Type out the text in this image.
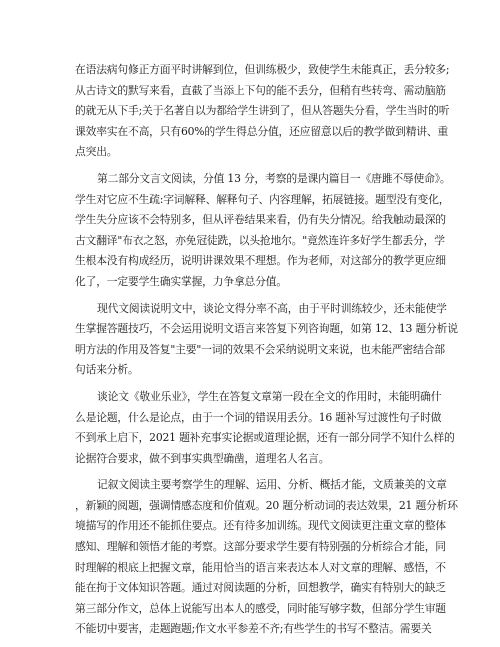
在语法病句修正方面平时讲解到位，但训练极少，致使学生未能真正，丢分较多;
从古诗文的默写来看，直截了当添上下句的能不丢分，但稍有些转弯、需动脑筋
的就无从下手;关于名著自以为都给学生讲到了，但从答题失分看，学生当时的听
课效率实在不高，只有60%的学生得总分值，还应留意以后的教学做到精讲、重
点突出。
第二部分文言文阅读，分值 13 分，考察的是课内篇目一《唐雎不辱使命》。
学生对它应不生疏:字词解释、解释句子、内容理解，拓展链接。题型没有变化，
学生失分应该不会特别多，但从评卷结果来看，仍有失分情况。给我触动最深的
古文翻译"布衣之怒，亦免冠徒跣，以头抢地尔。"竟然连许多好学生都丢分，学
生根本没有构成经历，说明讲课效果不理想。作为老师，对这部分的教学更应细
化了，一定要学生确实掌握，力争拿总分值。
现代文阅读说明文中，谈论文得分率不高，由于平时训练较少，还未能使学
生掌握答题技巧，不会运用说明文语言来答复下列咨询题，如第 12、13 题分析说
明方法的作用及答复"主要"一词的效果不会采纳说明文来说，也未能严密结合部
句话来分析。
谈论文《敬业乐业》，学生在答复文章第一段在全文的作用时，未能明确什
么是论题，什么是论点，由于一个词的错误用丢分。16 题补写过渡性句子时做
不到承上启下，2021 题补充事实论据或道理论据，还有一部分同学不知什么样的
论据符合要求，做不到事实典型确凿，道理名人名言。
记叙文阅读主要考察学生的理解、运用、分析、概括才能，文质兼美的文章
，新颖的阅题，强调情感态度和价值观。20 题分析动词的表达效果，21 题分析环
境描写的作用还不能抓住要点。还有待多加训练。现代文阅读更注重文章的整体
感知、理解和领悟才能的考察。这部分要求学生要有特别强的分析综合才能，同
时理解的根底上把握文章，能用恰当的语言来表达本人对文章的理解、感悟，不
能在拘于文体知识答题。通过对阅读题的分析，回想教学，确实有特别大的缺乏
第三部分作文，总体上说能写出本人的感受，同时能写够字数，但部分学生审题
不能切中要害，走题跑题;作文水平参差不齐;有些学生的书写不整洁。需要关
